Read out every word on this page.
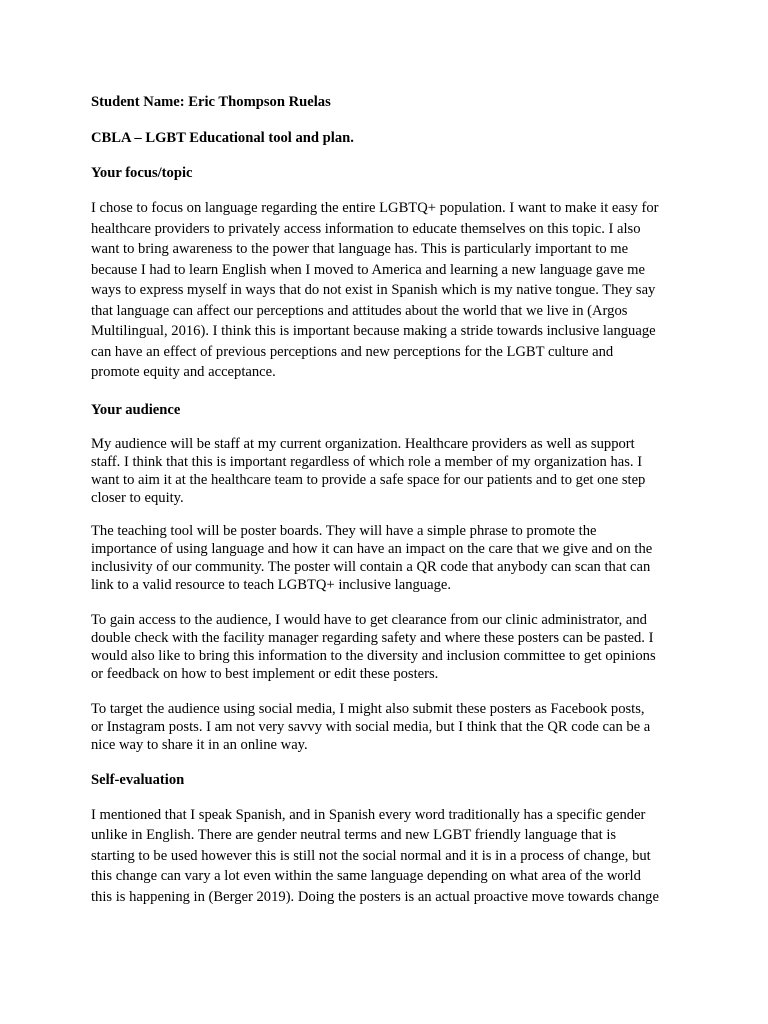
Student Name: Eric Thompson Ruelas

CBLA – LGBT Educational tool and plan.

Your focus/topic

I chose to focus on language regarding the entire LGBTQ+ population. I want to make it easy for
healthcare providers to privately access information to educate themselves on this topic. I also
want to bring awareness to the power that language has. This is particularly important to me
because I had to learn English when I moved to America and learning a new language gave me
ways to express myself in ways that do not exist in Spanish which is my native tongue. They say
that language can affect our perceptions and attitudes about the world that we live in (Argos
Multilingual, 2016). I think this is important because making a stride towards inclusive language
can have an effect of previous perceptions and new perceptions for the LGBT culture and
promote equity and acceptance.

Your audience

My audience will be staff at my current organization. Healthcare providers as well as support
staff. I think that this is important regardless of which role a member of my organization has. I
want to aim it at the healthcare team to provide a safe space for our patients and to get one step
closer to equity.
The teaching tool will be poster boards. They will have a simple phrase to promote the
importance of using language and how it can have an impact on the care that we give and on the
inclusivity of our community. The poster will contain a QR code that anybody can scan that can
link to a valid resource to teach LGBTQ+ inclusive language.
To gain access to the audience, I would have to get clearance from our clinic administrator, and
double check with the facility manager regarding safety and where these posters can be pasted. I
would also like to bring this information to the diversity and inclusion committee to get opinions
or feedback on how to best implement or edit these posters.
To target the audience using social media, I might also submit these posters as Facebook posts,
or Instagram posts. I am not very savvy with social media, but I think that the QR code can be a
nice way to share it in an online way.

Self-evaluation

I mentioned that I speak Spanish, and in Spanish every word traditionally has a specific gender
unlike in English. There are gender neutral terms and new LGBT friendly language that is
starting to be used however this is still not the social normal and it is in a process of change, but
this change can vary a lot even within the same language depending on what area of the world
this is happening in (Berger 2019). Doing the posters is an actual proactive move towards change
